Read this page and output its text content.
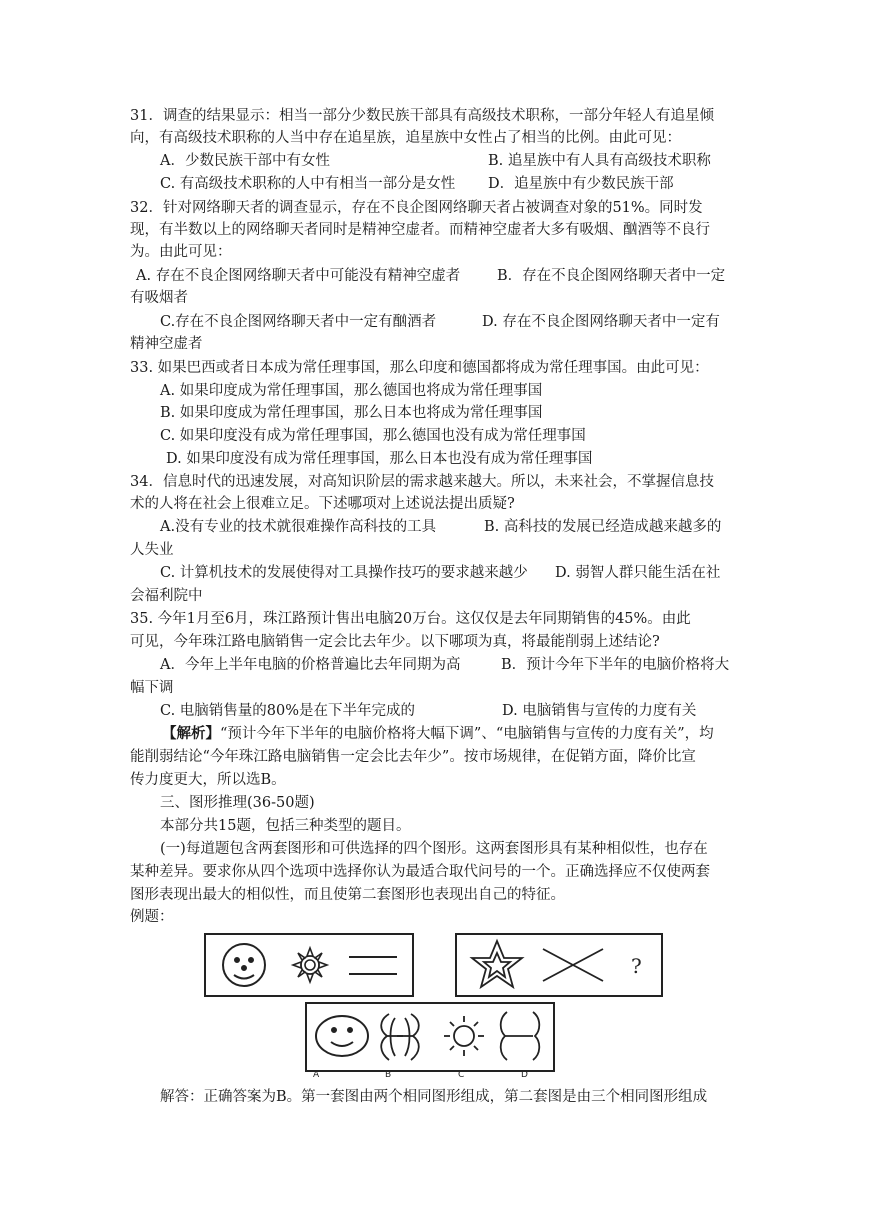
31．调查的结果显示：相当一部分少数民族干部具有高级技术职称，一部分年轻人有追星倾
向，有高级技术职称的人当中存在追星族，追星族中女性占了相当的比例。由此可见：
A．少数民族干部中有女性	B. 追星族中有人具有高级技术职称
C. 有高级技术职称的人中有相当一部分是女性 D．追星族中有少数民族干部
32．针对网络聊天者的调查显示，存在不良企图网络聊天者占被调查对象的51%。同时发
现，有半数以上的网络聊天者同时是精神空虚者。而精神空虚者大多有吸烟、酗酒等不良行
为。由此可见：
A. 存在不良企图网络聊天者中可能没有精神空虚者	B．存在不良企图网络聊天者中一定
有吸烟者
C.存在不良企图网络聊天者中一定有酗酒者	D. 存在不良企图网络聊天者中一定有
精神空虚者
33. 如果巴西或者日本成为常任理事国，那么印度和德国都将成为常任理事国。由此可见：
A. 如果印度成为常任理事国，那么德国也将成为常任理事国
B. 如果印度成为常任理事国，那么日本也将成为常任理事国
C. 如果印度没有成为常任理事国，那么德国也没有成为常任理事国
D. 如果印度没有成为常任理事国，那么日本也没有成为常任理事国
34．信息时代的迅速发展，对高知识阶层的需求越来越大。所以，未来社会，不掌握信息技
术的人将在社会上很难立足。下述哪项对上述说法提出质疑?
A.没有专业的技术就很难操作高科技的工具	B. 高科技的发展已经造成越来越多的
人失业
C. 计算机技术的发展使得对工具操作技巧的要求越来越少 D. 弱智人群只能生活在社
会福利院中
35. 今年1月至6月，珠江路预计售出电脑20万台。这仅仅是去年同期销售的45%。由此
可见，今年珠江路电脑销售一定会比去年少。以下哪项为真，将最能削弱上述结论?
A．今年上半年电脑的价格普遍比去年同期为高	B．预计今年下半年的电脑价格将大
幅下调
C. 电脑销售量的80%是在下半年完成的	D. 电脑销售与宣传的力度有关
【解析】“预计今年下半年的电脑价格将大幅下调”、“电脑销售与宣传的力度有关”，均
能削弱结论“今年珠江路电脑销售一定会比去年少”。按市场规律，在促销方面，降价比宣
传力度更大，所以选B。
三、图形推理(36-50题)
本部分共15题，包括三种类型的题目。
(一)每道题包含两套图形和可供选择的四个图形。这两套图形具有某种相似性，也存在
某种差异。要求你从四个选项中选择你认为最适合取代问号的一个。正确选择应不仅使两套
图形表现出最大的相似性，而且使第二套图形也表现出自己的特征。
例题：
?
A	B	C	D
解答：正确答案为B。第一套图由两个相同图形组成，第二套图是由三个相同图形组成
